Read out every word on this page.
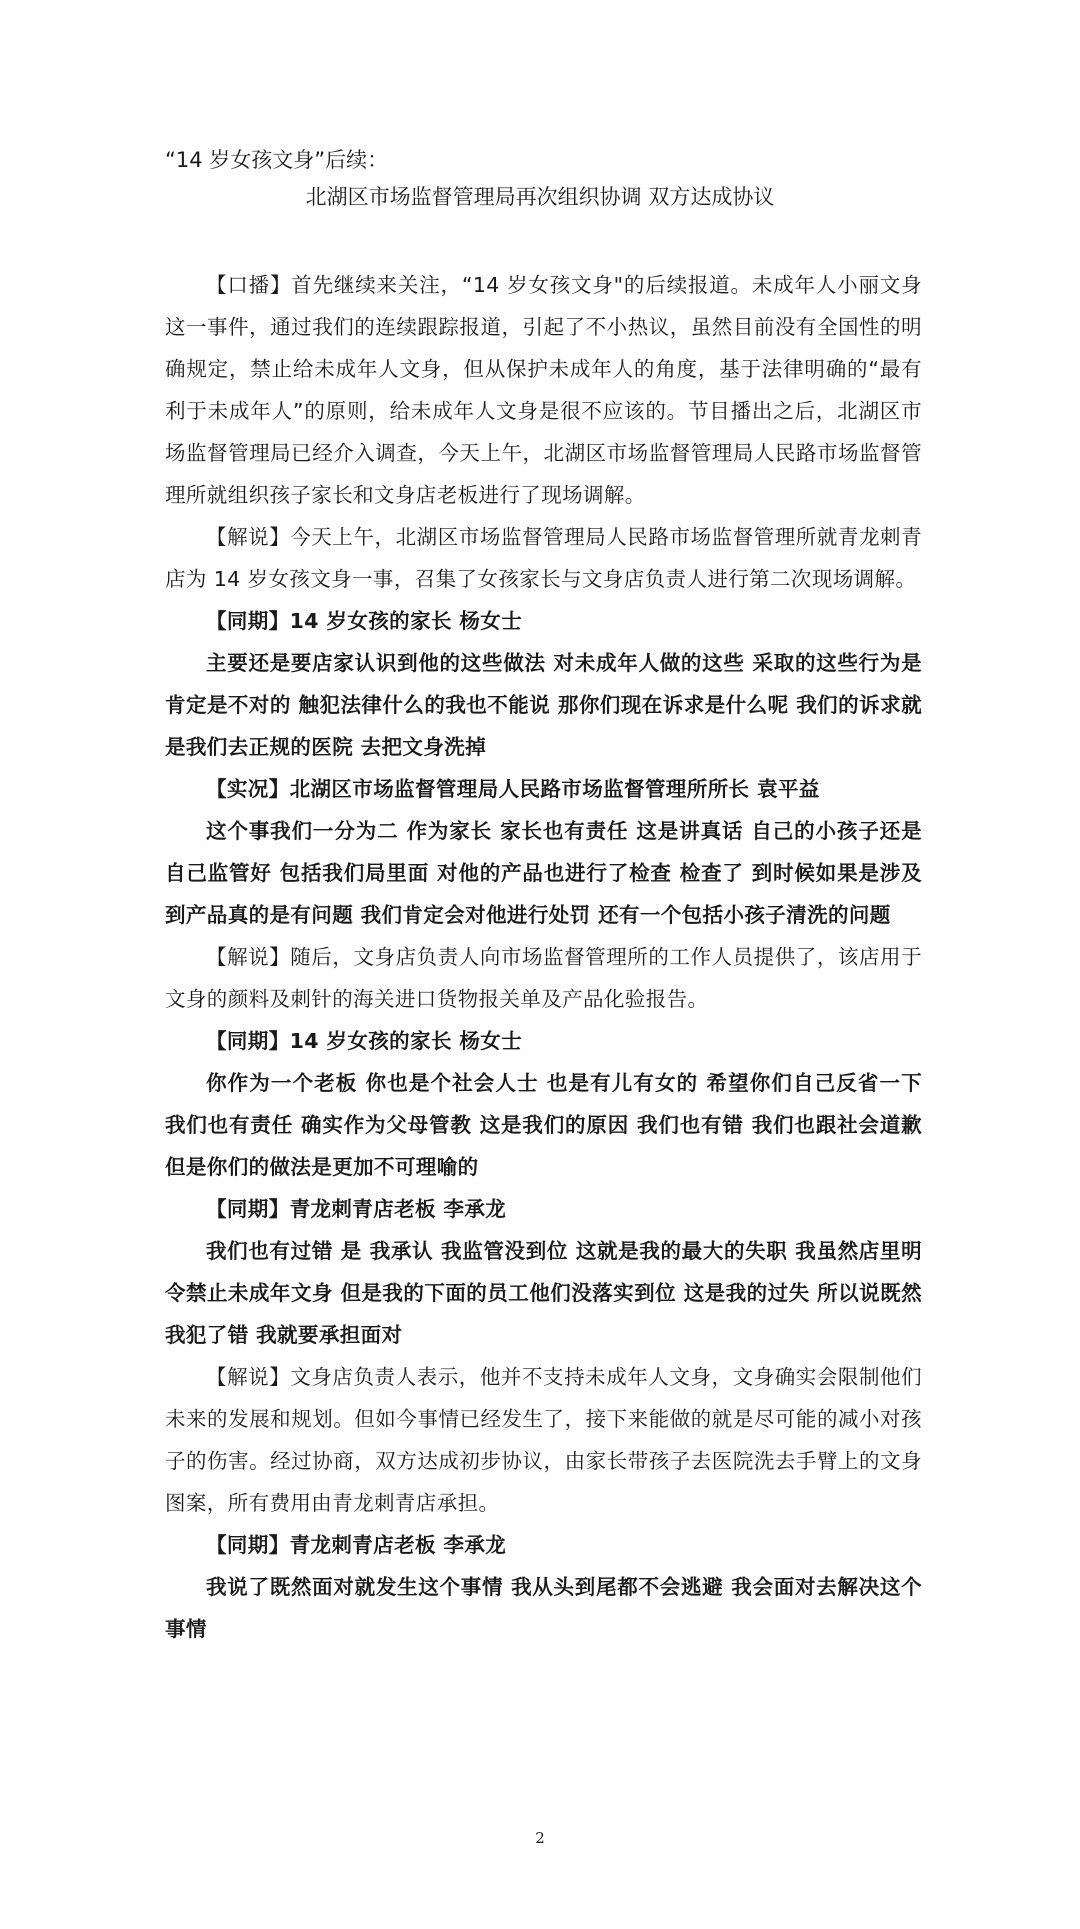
“14 岁女孩文身”后续：
北湖区市场监督管理局再次组织协调 双方达成协议

【口播】首先继续来关注，“14 岁女孩文身"的后续报道。未成年人小丽文身这一事件，通过我们的连续跟踪报道，引起了不小热议，虽然目前没有全国性的明确规定，禁止给未成年人文身，但从保护未成年人的角度，基于法律明确的“最有利于未成年人”的原则，给未成年人文身是很不应该的。节目播出之后，北湖区市场监督管理局已经介入调查，今天上午，北湖区市场监督管理局人民路市场监督管理所就组织孩子家长和文身店老板进行了现场调解。

【解说】今天上午，北湖区市场监督管理局人民路市场监督管理所就青龙刺青店为 14 岁女孩文身一事，召集了女孩家长与文身店负责人进行第二次现场调解。

【同期】14 岁女孩的家长 杨女士

主要还是要店家认识到他的这些做法 对未成年人做的这些 采取的这些行为是肯定是不对的 触犯法律什么的我也不能说 那你们现在诉求是什么呢 我们的诉求就是我们去正规的医院 去把文身洗掉

【实况】北湖区市场监督管理局人民路市场监督管理所所长 袁平益

这个事我们一分为二 作为家长 家长也有责任 这是讲真话 自己的小孩子还是自己监管好 包括我们局里面 对他的产品也进行了检查 检查了 到时候如果是涉及到产品真的是有问题 我们肯定会对他进行处罚 还有一个包括小孩子清洗的问题

【解说】随后，文身店负责人向市场监督管理所的工作人员提供了，该店用于文身的颜料及刺针的海关进口货物报关单及产品化验报告。

【同期】14 岁女孩的家长 杨女士

你作为一个老板 你也是个社会人士 也是有儿有女的 希望你们自己反省一下 我们也有责任 确实作为父母管教 这是我们的原因 我们也有错 我们也跟社会道歉 但是你们的做法是更加不可理喻的

【同期】青龙刺青店老板 李承龙

我们也有过错 是 我承认 我监管没到位 这就是我的最大的失职 我虽然店里明令禁止未成年文身 但是我的下面的员工他们没落实到位 这是我的过失 所以说既然我犯了错 我就要承担面对

【解说】文身店负责人表示，他并不支持未成年人文身，文身确实会限制他们未来的发展和规划。但如今事情已经发生了，接下来能做的就是尽可能的减小对孩子的伤害。经过协商，双方达成初步协议，由家长带孩子去医院洗去手臂上的文身图案，所有费用由青龙刺青店承担。

【同期】青龙刺青店老板 李承龙

我说了既然面对就发生这个事情 我从头到尾都不会逃避 我会面对去解决这个事情

2
